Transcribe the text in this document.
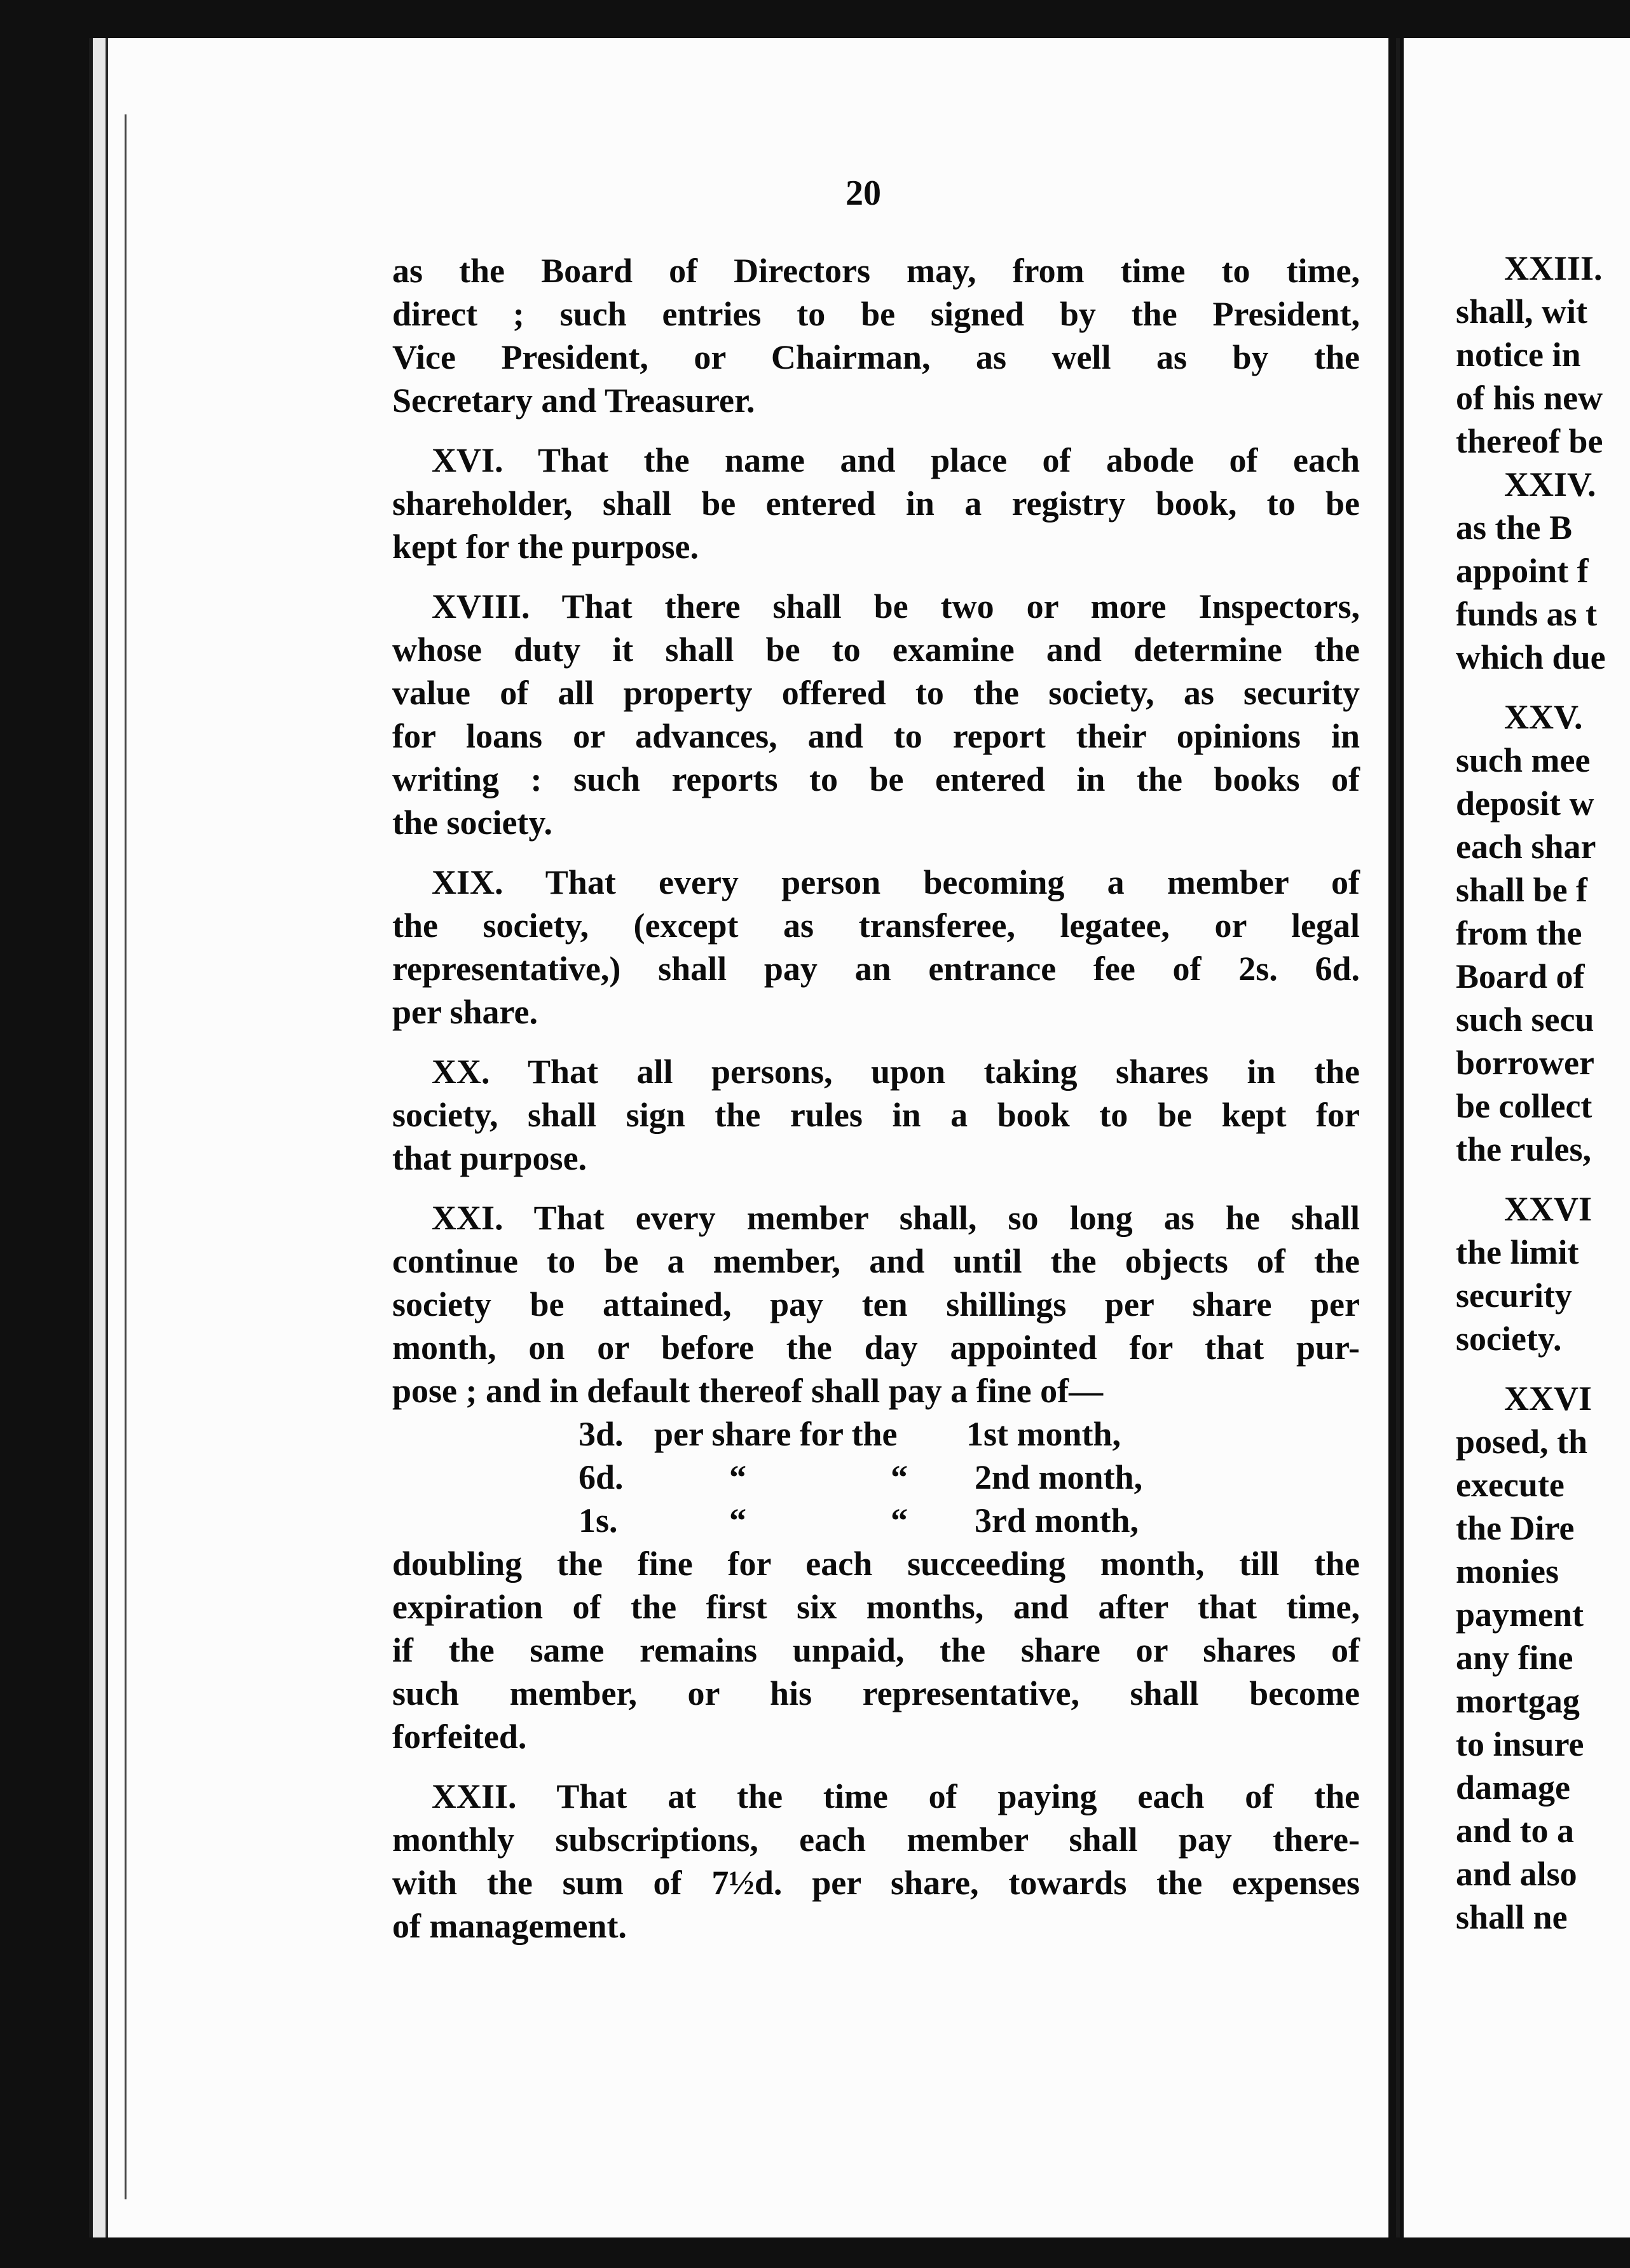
20
as the Board of Directors may, from time to time,
direct ; such entries to be signed by the President,
Vice President, or Chairman, as well as by the
Secretary and Treasurer.
XVI. That the name and place of abode of each
shareholder, shall be entered in a registry book, to be
kept for the purpose.
XVIII. That there shall be two or more Inspectors,
whose duty it shall be to examine and determine the
value of all property offered to the society, as security
for loans or advances, and to report their opinions in
writing : such reports to be entered in the books of
the society.
XIX. That every person becoming a member of
the society, (except as transferee, legatee, or legal
representative,) shall pay an entrance fee of 2s. 6d.
per share.
XX. That all persons, upon taking shares in the
society, shall sign the rules in a book to be kept for
that purpose.
XXI. That every member shall, so long as he shall
continue to be a member, and until the objects of the
society be attained, pay ten shillings per share per
month, on or before the day appointed for that pur-
pose ; and in default thereof shall pay a fine of—
3d. per share for the 1st month,
6d.	“	“ 2nd month,
1s.	“	“ 3rd month,
doubling the fine for each succeeding month, till the
expiration of the first six months, and after that time,
if the same remains unpaid, the share or shares of
such member, or his representative, shall become
forfeited.
XXII. That at the time of paying each of the
monthly subscriptions, each member shall pay there-
with the sum of 7½d. per share, towards the expenses
of management.
XXIII.
shall, wit
notice in
of his new
thereof be
XXIV.
as the B
appoint f
funds as t
which due
XXV.
such mee
deposit w
each shar
shall be f
from the
Board of
such secu
borrower
be collect
the rules,
XXVI
the limit
security
society.
XXVI
posed, th
execute
the Dire
monies
payment
any fine
mortgag
to insure
damage
and to a
and also
shall ne
